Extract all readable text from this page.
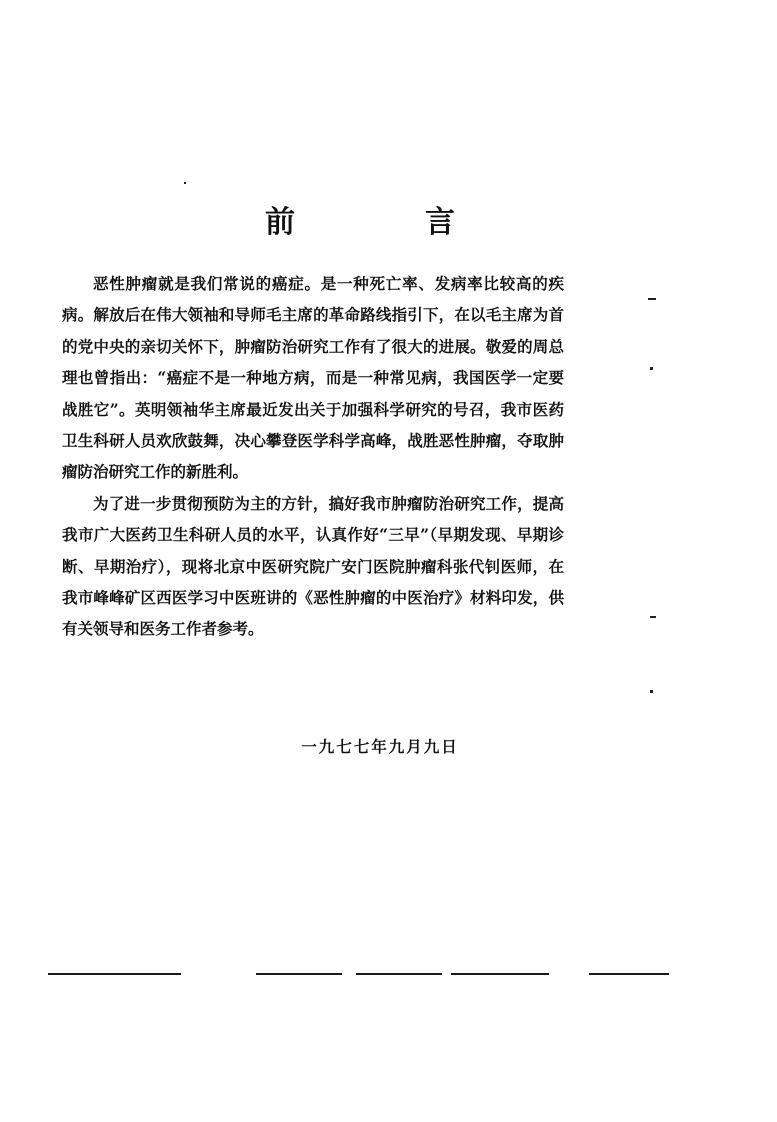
前　言

恶性肿瘤就是我们常说的癌症。是一种死亡率、发病率比较高的疾病。解放后在伟大领袖和导师毛主席的革命路线指引下，在以毛主席为首的党中央的亲切关怀下，肿瘤防治研究工作有了很大的进展。敬爱的周总理也曾指出：“癌症不是一种地方病，而是一种常见病，我国医学一定要战胜它”。英明领袖华主席最近发出关于加强科学研究的号召，我市医药卫生科研人员欢欣鼓舞，决心攀登医学科学高峰，战胜恶性肿瘤，夺取肿瘤防治研究工作的新胜利。

为了进一步贯彻预防为主的方针，搞好我市肿瘤防治研究工作，提高我市广大医药卫生科研人员的水平，认真作好“三早”（早期发现、早期诊断、早期治疗），现将北京中医研究院广安门医院肿瘤科张代钊医师，在我市峰峰矿区西医学习中医班讲的《恶性肿瘤的中医治疗》材料印发，供有关领导和医务工作者参考。

一九七七年九月九日
